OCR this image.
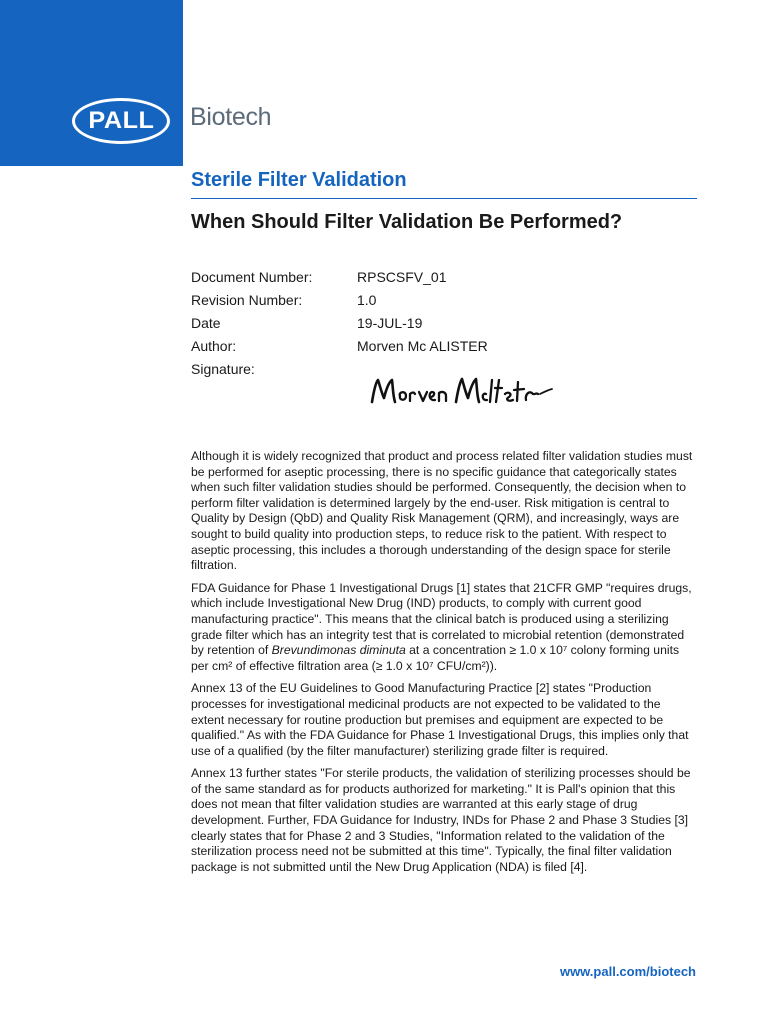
PALL Biotech
Sterile Filter Validation
When Should Filter Validation Be Performed?
Document Number:	RPSCSFV_01
Revision Number:	1.0
Date	19-JUL-19
Author:	Morven Mc ALISTER
Signature:

Although it is widely recognized that product and process related filter validation studies must be performed for aseptic processing, there is no specific guidance that categorically states when such filter validation studies should be performed. Consequently, the decision when to perform filter validation is determined largely by the end-user. Risk mitigation is central to Quality by Design (QbD) and Quality Risk Management (QRM), and increasingly, ways are sought to build quality into production steps, to reduce risk to the patient. With respect to aseptic processing, this includes a thorough understanding of the design space for sterile filtration.

FDA Guidance for Phase 1 Investigational Drugs [1] states that 21CFR GMP "requires drugs, which include Investigational New Drug (IND) products, to comply with current good manufacturing practice". This means that the clinical batch is produced using a sterilizing grade filter which has an integrity test that is correlated to microbial retention (demonstrated by retention of Brevundimonas diminuta at a concentration ≥ 1.0 x 10⁷ colony forming units per cm² of effective filtration area (≥ 1.0 x 10⁷ CFU/cm²)).

Annex 13 of the EU Guidelines to Good Manufacturing Practice [2] states "Production processes for investigational medicinal products are not expected to be validated to the extent necessary for routine production but premises and equipment are expected to be qualified." As with the FDA Guidance for Phase 1 Investigational Drugs, this implies only that use of a qualified (by the filter manufacturer) sterilizing grade filter is required.

Annex 13 further states "For sterile products, the validation of sterilizing processes should be of the same standard as for products authorized for marketing." It is Pall's opinion that this does not mean that filter validation studies are warranted at this early stage of drug development. Further, FDA Guidance for Industry, INDs for Phase 2 and Phase 3 Studies [3] clearly states that for Phase 2 and 3 Studies, "Information related to the validation of the sterilization process need not be submitted at this time". Typically, the final filter validation package is not submitted until the New Drug Application (NDA) is filed [4].

www.pall.com/biotech
